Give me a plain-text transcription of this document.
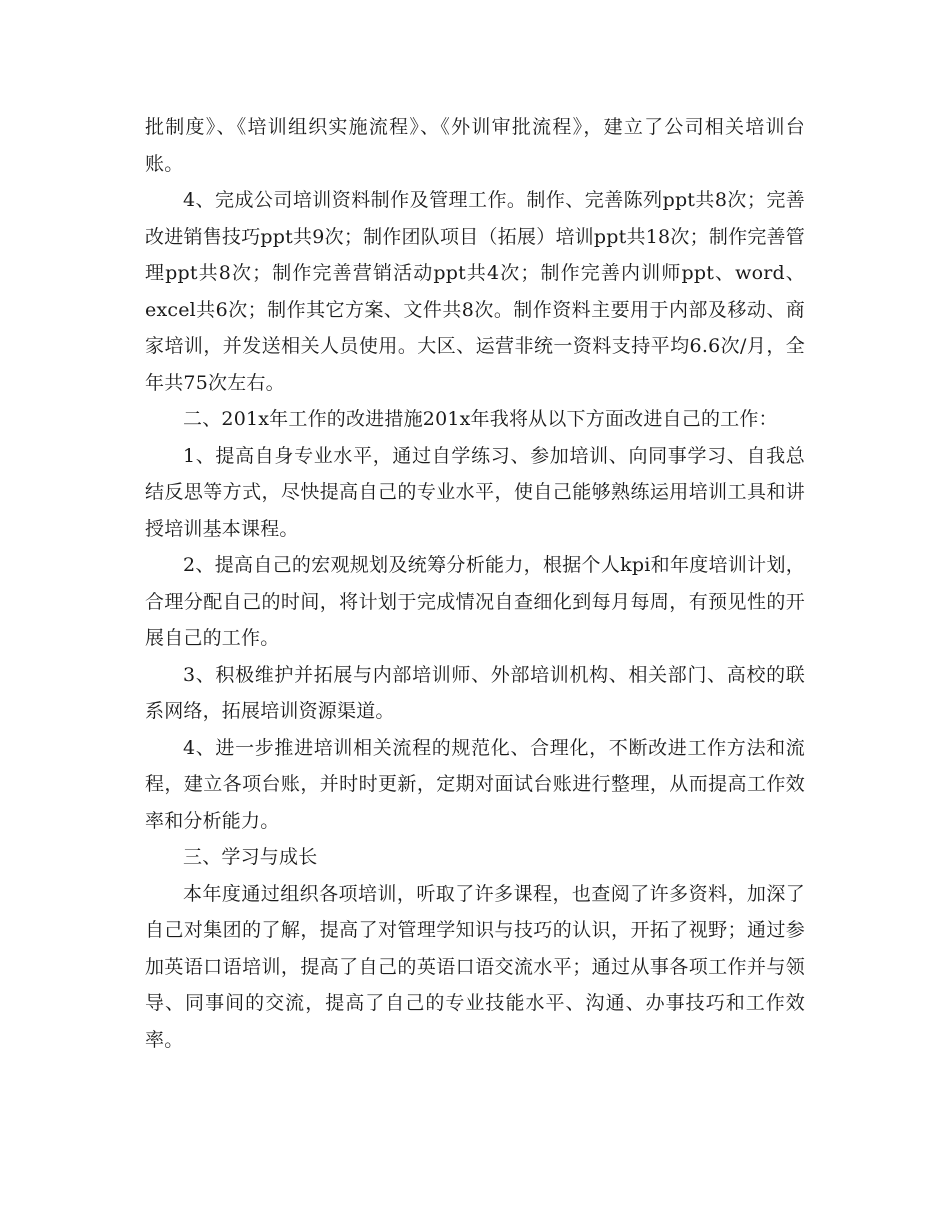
批制度》、《培训组织实施流程》、《外训审批流程》，建立了公司相关培训台账。

4、完成公司培训资料制作及管理工作。制作、完善陈列ppt共8次；完善改进销售技巧ppt共9次；制作团队项目（拓展）培训ppt共18次；制作完善管理ppt共8次；制作完善营销活动ppt共4次；制作完善内训师ppt、word、excel共6次；制作其它方案、文件共8次。制作资料主要用于内部及移动、商家培训，并发送相关人员使用。大区、运营非统一资料支持平均6.6次/月，全年共75次左右。

二、201x年工作的改进措施201x年我将从以下方面改进自己的工作：

1、提高自身专业水平，通过自学练习、参加培训、向同事学习、自我总结反思等方式，尽快提高自己的专业水平，使自己能够熟练运用培训工具和讲授培训基本课程。

2、提高自己的宏观规划及统筹分析能力，根据个人kpi和年度培训计划，合理分配自己的时间，将计划于完成情况自查细化到每月每周，有预见性的开展自己的工作。

3、积极维护并拓展与内部培训师、外部培训机构、相关部门、高校的联系网络，拓展培训资源渠道。

4、进一步推进培训相关流程的规范化、合理化，不断改进工作方法和流程，建立各项台账，并时时更新，定期对面试台账进行整理，从而提高工作效率和分析能力。

三、学习与成长

本年度通过组织各项培训，听取了许多课程，也查阅了许多资料，加深了自己对集团的了解，提高了对管理学知识与技巧的认识，开拓了视野；通过参加英语口语培训，提高了自己的英语口语交流水平；通过从事各项工作并与领导、同事间的交流，提高了自己的专业技能水平、沟通、办事技巧和工作效率。
